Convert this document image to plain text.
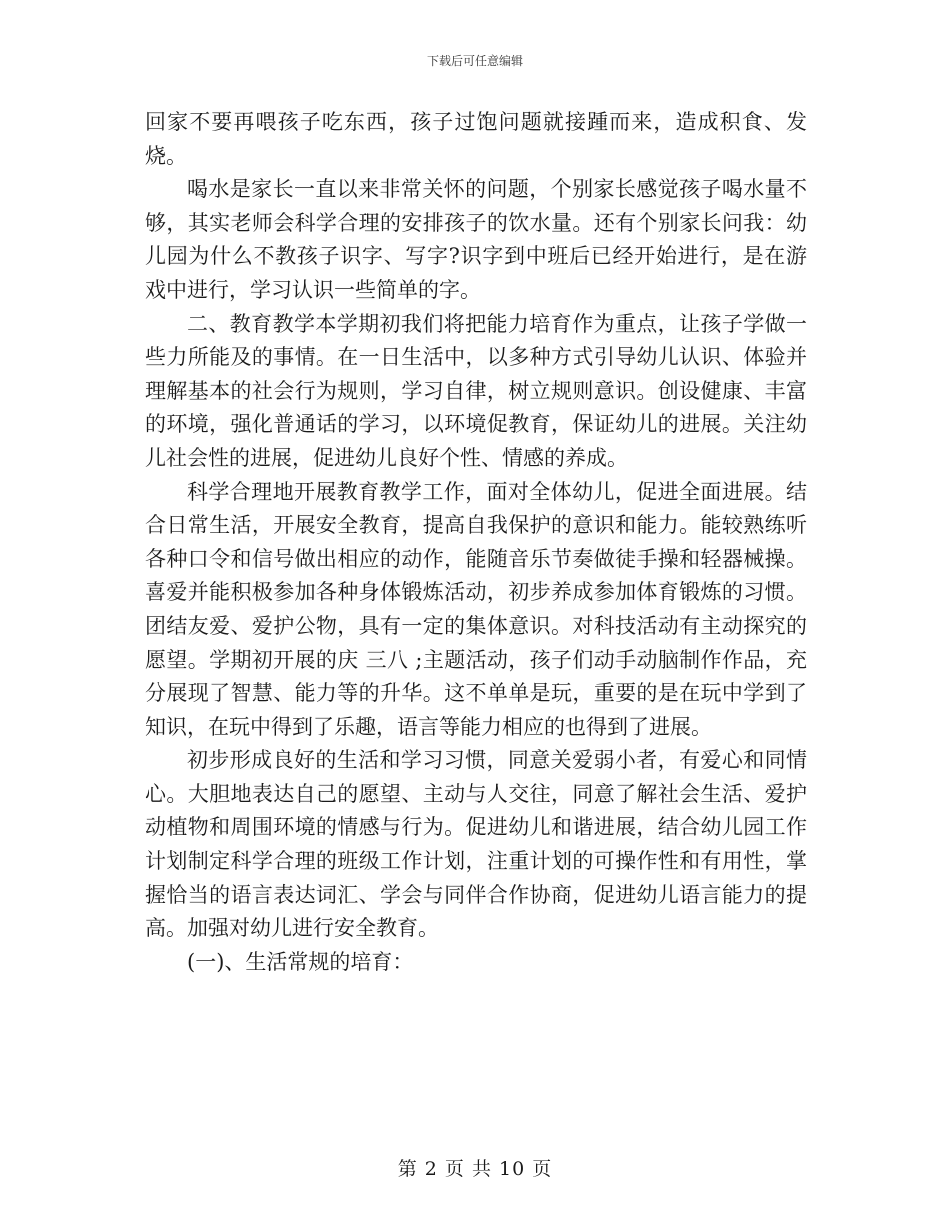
下载后可任意编辑

回家不要再喂孩子吃东西，孩子过饱问题就接踵而来，造成积食、发烧。

喝水是家长一直以来非常关怀的问题，个别家长感觉孩子喝水量不够，其实老师会科学合理的安排孩子的饮水量。还有个别家长问我：幼儿园为什么不教孩子识字、写字?识字到中班后已经开始进行，是在游戏中进行，学习认识一些简单的字。

二、教育教学本学期初我们将把能力培育作为重点，让孩子学做一些力所能及的事情。在一日生活中，以多种方式引导幼儿认识、体验并理解基本的社会行为规则，学习自律，树立规则意识。创设健康、丰富的环境，强化普通话的学习，以环境促教育，保证幼儿的进展。关注幼儿社会性的进展，促进幼儿良好个性、情感的养成。

科学合理地开展教育教学工作，面对全体幼儿，促进全面进展。结合日常生活，开展安全教育，提高自我保护的意识和能力。能较熟练听各种口令和信号做出相应的动作，能随音乐节奏做徒手操和轻器械操。喜爱并能积极参加各种身体锻炼活动，初步养成参加体育锻炼的习惯。团结友爱、爱护公物，具有一定的集体意识。对科技活动有主动探究的愿望。学期初开展的庆 三八 ;主题活动，孩子们动手动脑制作作品，充分展现了智慧、能力等的升华。这不单单是玩，重要的是在玩中学到了知识，在玩中得到了乐趣，语言等能力相应的也得到了进展。

初步形成良好的生活和学习习惯，同意关爱弱小者，有爱心和同情心。大胆地表达自己的愿望、主动与人交往，同意了解社会生活、爱护动植物和周围环境的情感与行为。促进幼儿和谐进展，结合幼儿园工作计划制定科学合理的班级工作计划，注重计划的可操作性和有用性，掌握恰当的语言表达词汇、学会与同伴合作协商，促进幼儿语言能力的提高。加强对幼儿进行安全教育。

(一)、生活常规的培育：

第 2 页 共 10 页
